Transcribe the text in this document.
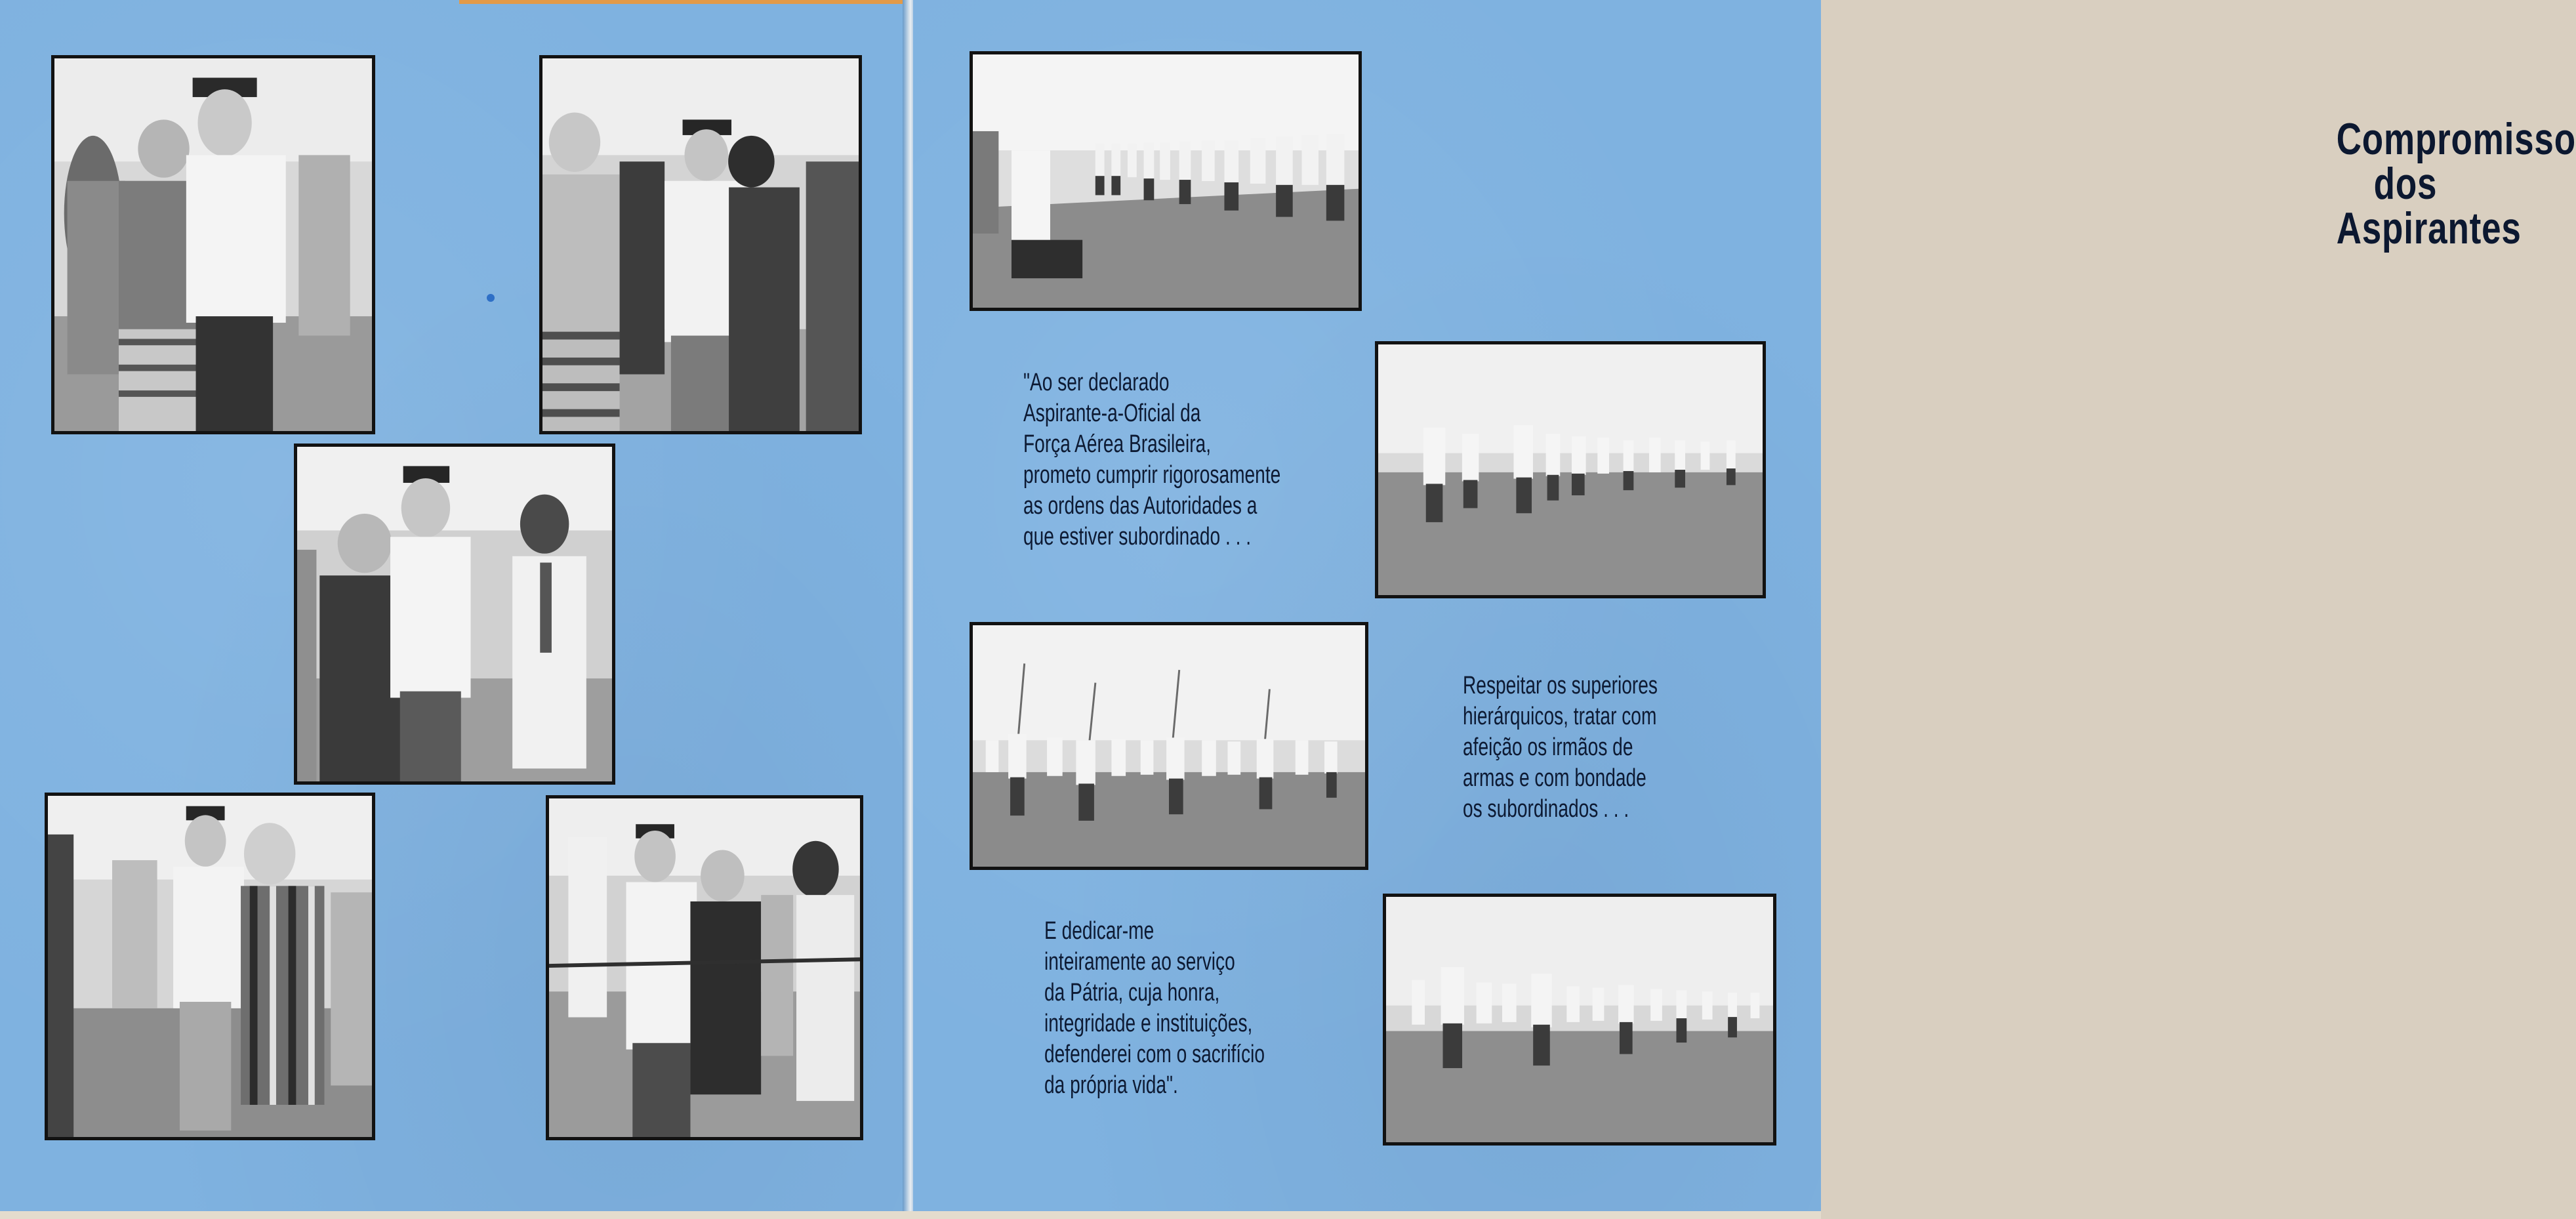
Compromisso
dos
Aspirantes
"Ao ser declarado
Aspirante-a-Oficial da
Força Aérea Brasileira,
prometo cumprir rigorosamente
as ordens das Autoridades a
que estiver subordinado . . .
Respeitar os superiores
hierárquicos, tratar com
afeição os irmãos de
armas e com bondade
os subordinados . . .
E dedicar-me
inteiramente ao serviço
da Pátria, cuja honra,
integridade e instituições,
defenderei com o sacrifício
da própria vida".
